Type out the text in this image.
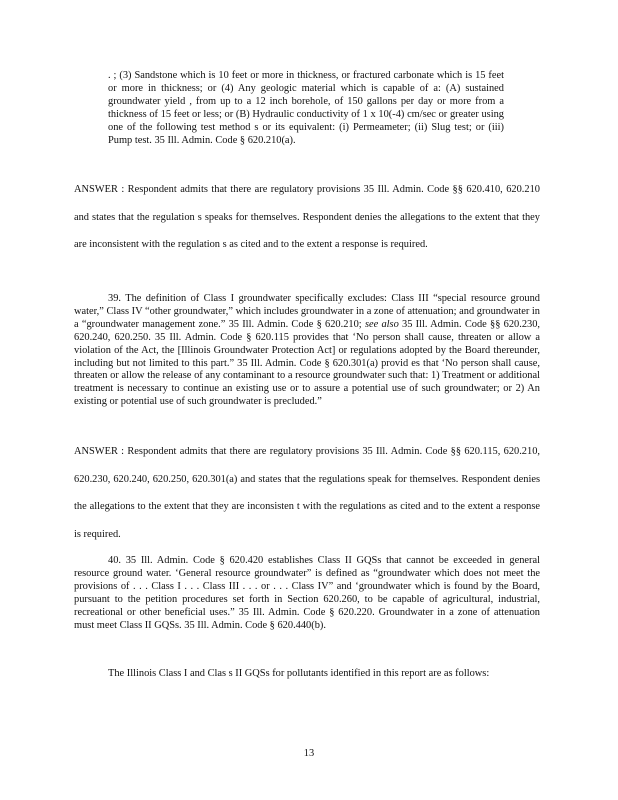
. ; (3) Sandstone which is 10 feet or more in thickness, or fractured carbonate which is 15 feet or more in thickness; or (4) Any geologic material which is capable of a: (A) sustained groundwater yield , from up to a 12 inch borehole, of 150 gallons per day or more from a thickness of 15 feet or less; or (B) Hydraulic conductivity of 1 x 10(-4) cm/sec or greater using one of the following test method s or its equivalent: (i) Permeameter; (ii) Slug test; or (iii) Pump test. 35 Ill. Admin. Code § 620.210(a).

ANSWER : Respondent admits that there are regulatory provisions 35 Ill. Admin. Code §§ 620.410, 620.210 and states that the regulation s speaks for themselves. Respondent denies the allegations to the extent that they are inconsistent with the regulation s as cited and to the extent a response is required.

39. The definition of Class I groundwater specifically excludes: Class III “special resource ground water,” Class IV “other groundwater,” which includes groundwater in a zone of attenuation; and groundwater in a “groundwater management zone.” 35 Ill. Admin. Code § 620.210; see also 35 Ill. Admin. Code §§ 620.230, 620.240, 620.250. 35 Ill. Admin. Code § 620.115 provides that ‘No person shall cause, threaten or allow a violation of the Act, the [Illinois Groundwater Protection Act] or regulations adopted by the Board thereunder, including but not limited to this part.” 35 Ill. Admin. Code § 620.301(a) provid es that ‘No person shall cause, threaten or allow the release of any contaminant to a resource groundwater such that: 1) Treatment or additional treatment is necessary to continue an existing use or to assure a potential use of such groundwater; or 2) An existing or potential use of such groundwater is precluded.”

ANSWER : Respondent admits that there are regulatory provisions 35 Ill. Admin. Code §§ 620.115, 620.210, 620.230, 620.240, 620.250, 620.301(a) and states that the regulations speak for themselves. Respondent denies the allegations to the extent that they are inconsisten t with the regulations as cited and to the extent a response is required.

40. 35 Ill. Admin. Code § 620.420 establishes Class II GQSs that cannot be exceeded in general resource ground water. ‘General resource groundwater” is defined as “groundwater which does not meet the provisions of . . . Class I . . . Class III . . . or . . . Class IV” and ‘groundwater which is found by the Board, pursuant to the petition procedures set forth in Section 620.260, to be capable of agricultural, industrial, recreational or other beneficial uses.” 35 Ill. Admin. Code § 620.220. Groundwater in a zone of attenuation must meet Class II GQSs. 35 Ill. Admin. Code § 620.440(b).

The Illinois Class I and Clas s II GQSs for pollutants identified in this report are as follows:

13
